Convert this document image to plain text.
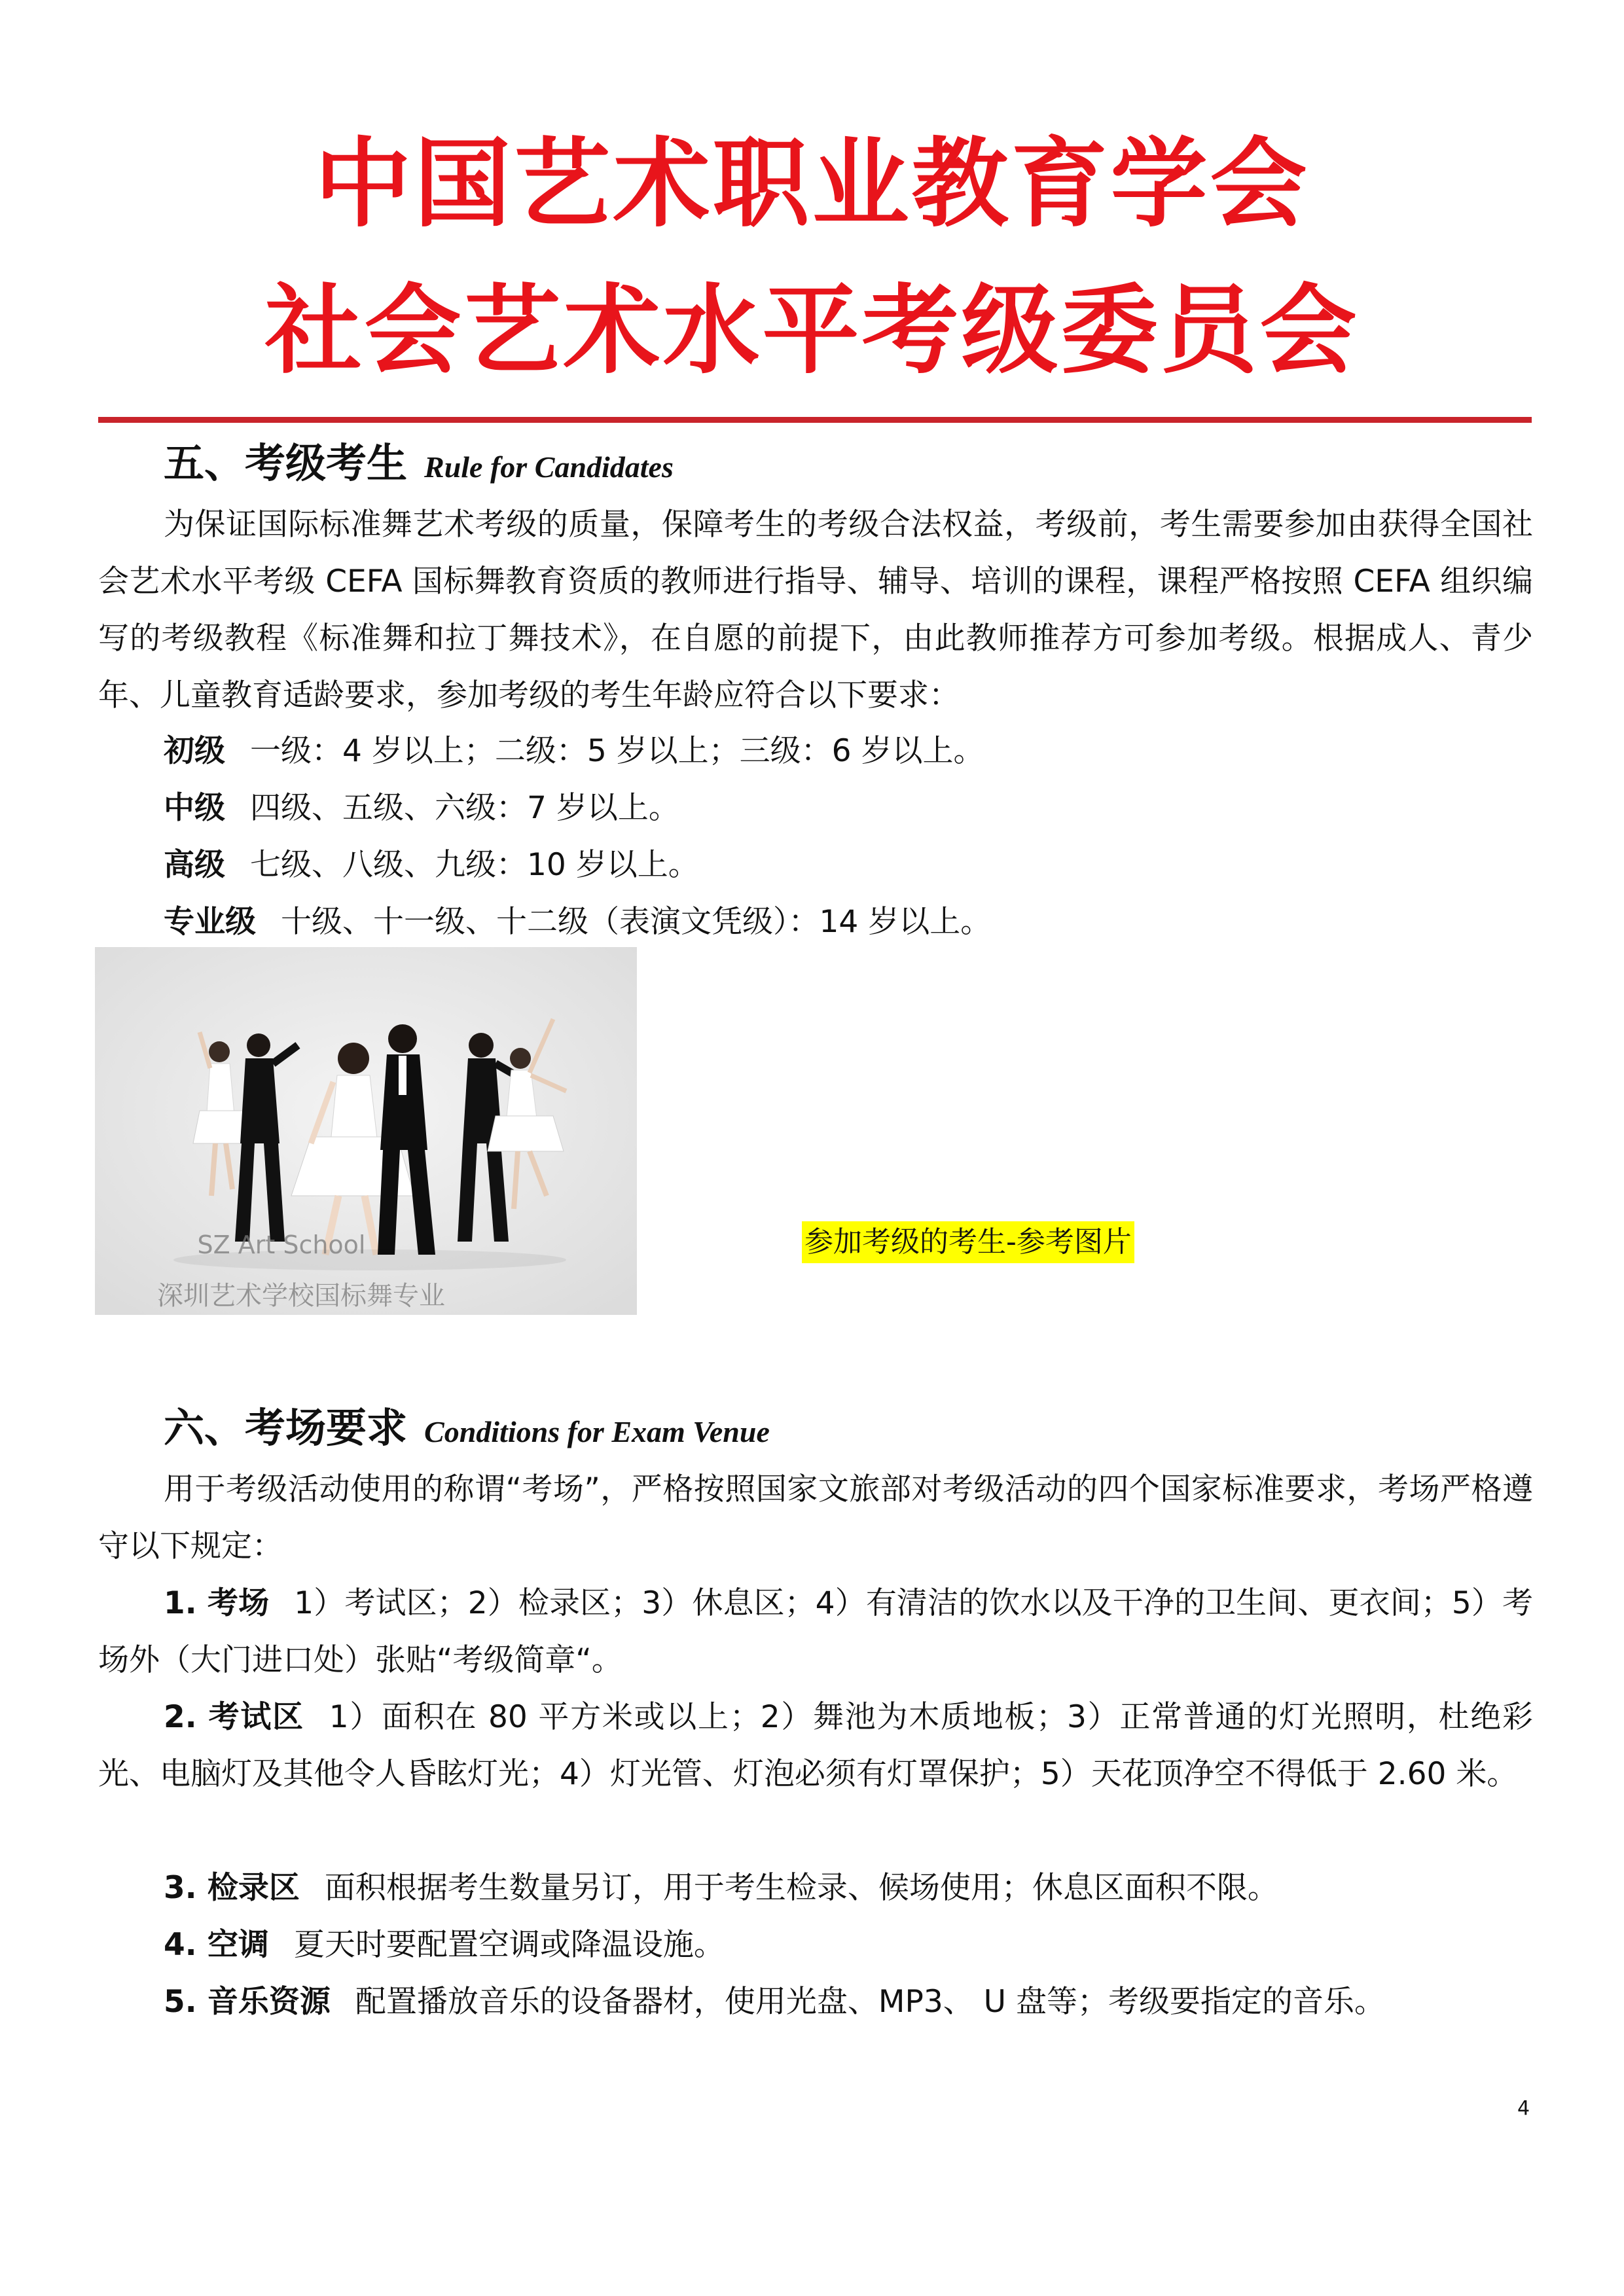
中国艺术职业教育学会
社会艺术水平考级委员会
五、考级考生 Rule for Candidates
为保证国际标准舞艺术考级的质量，保障考生的考级合法权益，考级前，考生需要参加由获得全国社会艺术水平考级 CEFA 国标舞教育资质的教师进行指导、辅导、培训的课程，课程严格按照 CEFA 组织编写的考级教程《标准舞和拉丁舞技术》，在自愿的前提下，由此教师推荐方可参加考级。根据成人、青少年、儿童教育适龄要求，参加考级的考生年龄应符合以下要求：
初级 一级：4 岁以上；二级：5 岁以上；三级：6 岁以上。
中级 四级、五级、六级：7 岁以上。
高级 七级、八级、九级：10 岁以上。
专业级 十级、十一级、十二级（表演文凭级）：14 岁以上。
SZ Art School
深圳艺术学校国标舞专业
参加考级的考生-参考图片
六、考场要求 Conditions for Exam Venue
用于考级活动使用的称谓“考场”，严格按照国家文旅部对考级活动的四个国家标准要求，考场严格遵守以下规定：
1. 考场 1）考试区；2）检录区；3）休息区；4）有清洁的饮水以及干净的卫生间、更衣间；5）考场外（大门进口处）张贴“考级简章“。
2. 考试区 1）面积在 80 平方米或以上；2）舞池为木质地板；3）正常普通的灯光照明，杜绝彩光、电脑灯及其他令人昏眩灯光；4）灯光管、灯泡必须有灯罩保护；5）天花顶净空不得低于 2.60 米。
3. 检录区 面积根据考生数量另订，用于考生检录、候场使用；休息区面积不限。
4. 空调 夏天时要配置空调或降温设施。
5. 音乐资源 配置播放音乐的设备器材，使用光盘、MP3、 U 盘等；考级要指定的音乐。
4
